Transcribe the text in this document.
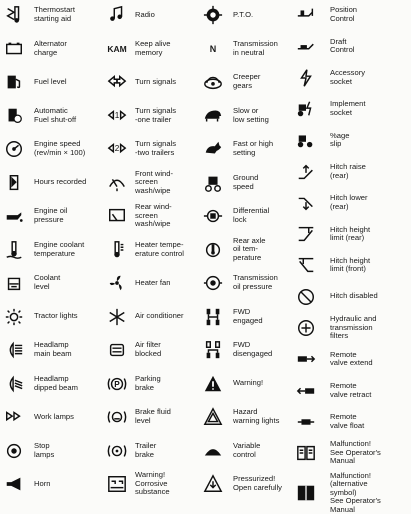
Thermostart
starting aid
Alternator
charge
Fuel level
Automatic
Fuel shut-off
Engine speed
(rev/min × 100)
Hours recorded
Engine oil
pressure
Engine coolant
temperature
Coolant
level
Tractor lights
Headlamp
main beam
Headlamp
dipped beam
Work lamps
Stop
lamps
Horn
Radio
KAM
Keep alive
memory
Turn signals
1 Turn signals
-one trailer
2 Turn signals
-two trailers
Front wind-
screen
wash/wipe
Rear wind-
screen
wash/wipe
Heater tempe-
erature control
Heater fan
Air conditioner
Air filter
blocked
P
Parking
brake
Brake fluid
level
Trailer
brake
Warning!
Corrosive
substance
P.T.O.
N
Transmission
in neutral
Creeper
gears
Slow or
low setting
Fast or high
setting
Ground
speed
Differential
lock
Rear axle
oil tem-
perature
Transmission
oil pressure
FWD
engaged
FWD
disengaged
Warning!
Hazard
warning lights
Variable
control
Pressurized!
Open carefully
Position
Control
Draft
Control
Accessory
socket
Implement
socket
%age
slip
Hitch raise
(rear)
Hitch lower
(rear)
Hitch height
limit (rear)
Hitch height
limit (front)
Hitch disabled
Hydraulic and
transmission
filters
Remote
valve extend
Remote
valve retract
Remote
valve float
Malfunction!
See Operator's
Manual
Malfunction!
(alternative
symbol)
See Operator's
Manual
